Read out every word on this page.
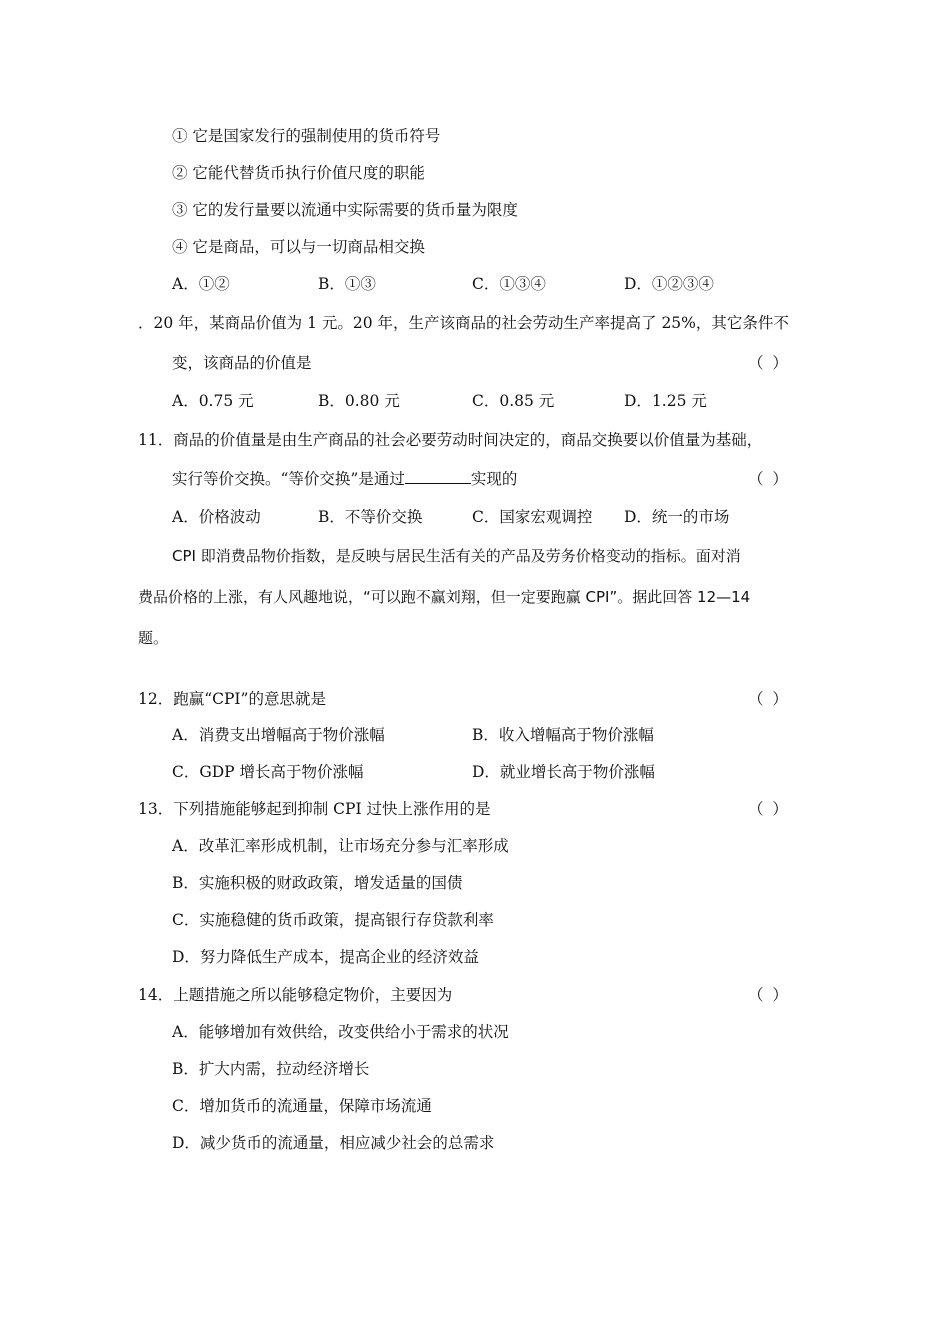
① 它是国家发行的强制使用的货币符号
② 它能代替货币执行价值尺度的职能
③ 它的发行量要以流通中实际需要的货币量为限度
④ 它是商品，可以与一切商品相交换
A．①②	B．①③	C．①③④	D．①②③④
．20 年，某商品价值为 1 元。20 年，生产该商品的社会劳动生产率提高了 25%，其它条件不
变，该商品的价值是	（ ）
A．0.75 元	B．0.80 元	C．0.85 元	D．1.25 元
11．商品的价值量是由生产商品的社会必要劳动时间决定的，商品交换要以价值量为基础，
实行等价交换。“等价交换”是通过	实现的	（ ）
A．价格波动	B．不等价交换	C．国家宏观调控 D．统一的市场
CPI 即消费品物价指数，是反映与居民生活有关的产品及劳务价格变动的指标。面对消
费品价格的上涨，有人风趣地说，“可以跑不赢刘翔，但一定要跑赢 CPI”。据此回答 12—14
题。
12．跑赢“CPI”的意思就是	（ ）
A．消费支出增幅高于物价涨幅	B．收入增幅高于物价涨幅
C．GDP 增长高于物价涨幅	D．就业增长高于物价涨幅
13．下列措施能够起到抑制 CPI 过快上涨作用的是	（ ）
A．改革汇率形成机制，让市场充分参与汇率形成
B．实施积极的财政政策，增发适量的国债
C．实施稳健的货币政策，提高银行存贷款利率
D．努力降低生产成本，提高企业的经济效益
14．上题措施之所以能够稳定物价，主要因为	（ ）
A．能够增加有效供给，改变供给小于需求的状况
B．扩大内需，拉动经济增长
C．增加货币的流通量，保障市场流通
D．减少货币的流通量，相应减少社会的总需求
